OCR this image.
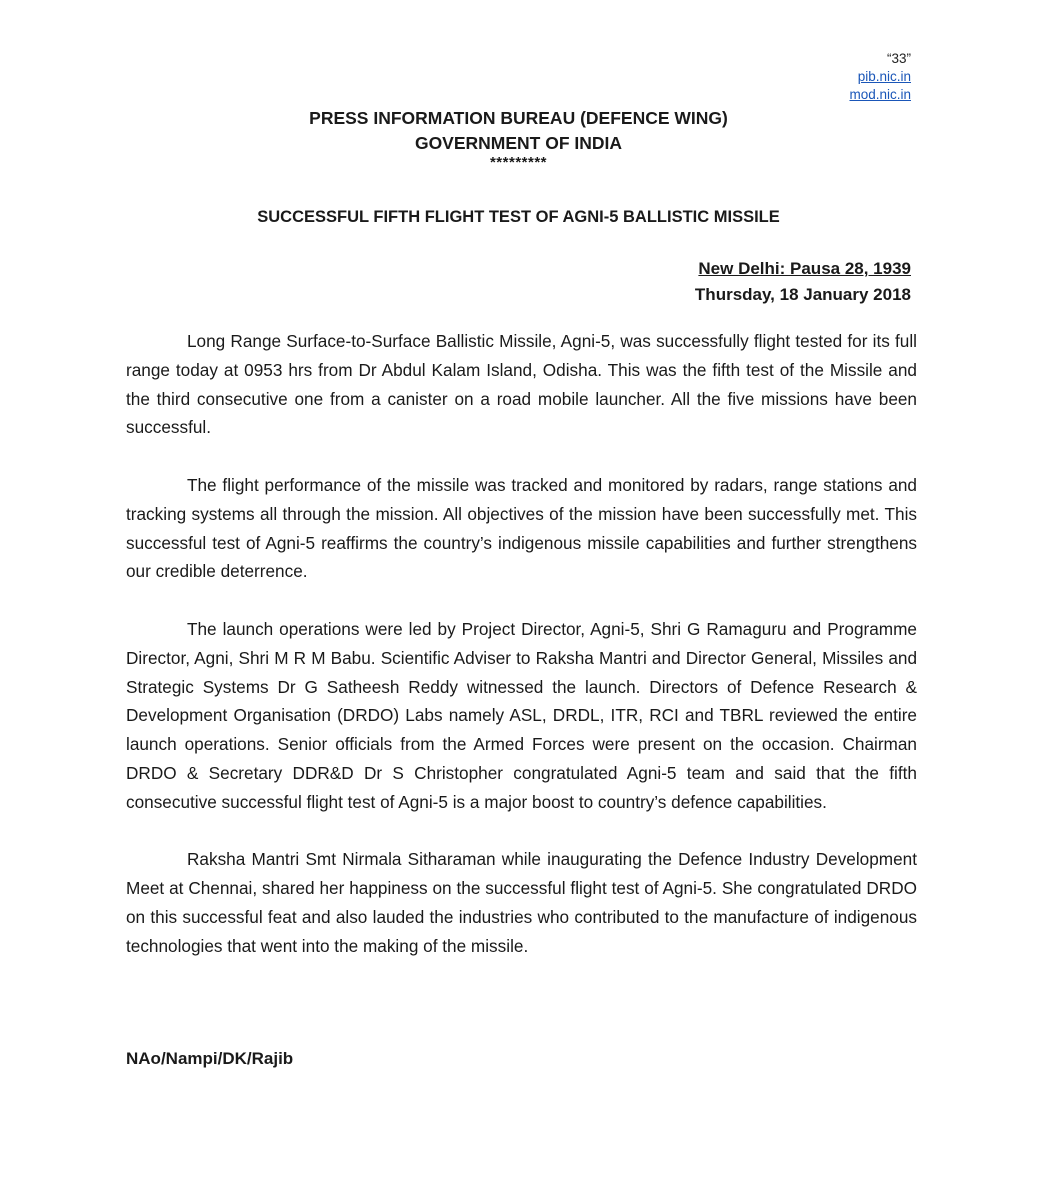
“33”
pib.nic.in
mod.nic.in
PRESS INFORMATION BUREAU (DEFENCE WING)
GOVERNMENT OF INDIA
*********
SUCCESSFUL FIFTH FLIGHT TEST OF AGNI-5 BALLISTIC MISSILE
New Delhi: Pausa 28, 1939
Thursday, 18 January 2018

Long Range Surface-to-Surface Ballistic Missile, Agni-5, was successfully flight tested for its full range today at 0953 hrs from Dr Abdul Kalam Island, Odisha. This was the fifth test of the Missile and the third consecutive one from a canister on a road mobile launcher. All the five missions have been successful.

The flight performance of the missile was tracked and monitored by radars, range stations and tracking systems all through the mission. All objectives of the mission have been successfully met. This successful test of Agni-5 reaffirms the country’s indigenous missile capabilities and further strengthens our credible deterrence.

The launch operations were led by Project Director, Agni-5, Shri G Ramaguru and Programme Director, Agni, Shri M R M Babu. Scientific Adviser to Raksha Mantri and Director General, Missiles and Strategic Systems Dr G Satheesh Reddy witnessed the launch. Directors of Defence Research & Development Organisation (DRDO) Labs namely ASL, DRDL, ITR, RCI and TBRL reviewed the entire launch operations. Senior officials from the Armed Forces were present on the occasion. Chairman DRDO & Secretary DDR&D Dr S Christopher congratulated Agni-5 team and said that the fifth consecutive successful flight test of Agni-5 is a major boost to country’s defence capabilities.

Raksha Mantri Smt Nirmala Sitharaman while inaugurating the Defence Industry Development Meet at Chennai, shared her happiness on the successful flight test of Agni-5. She congratulated DRDO on this successful feat and also lauded the industries who contributed to the manufacture of indigenous technologies that went into the making of the missile.

NAo/Nampi/DK/Rajib
